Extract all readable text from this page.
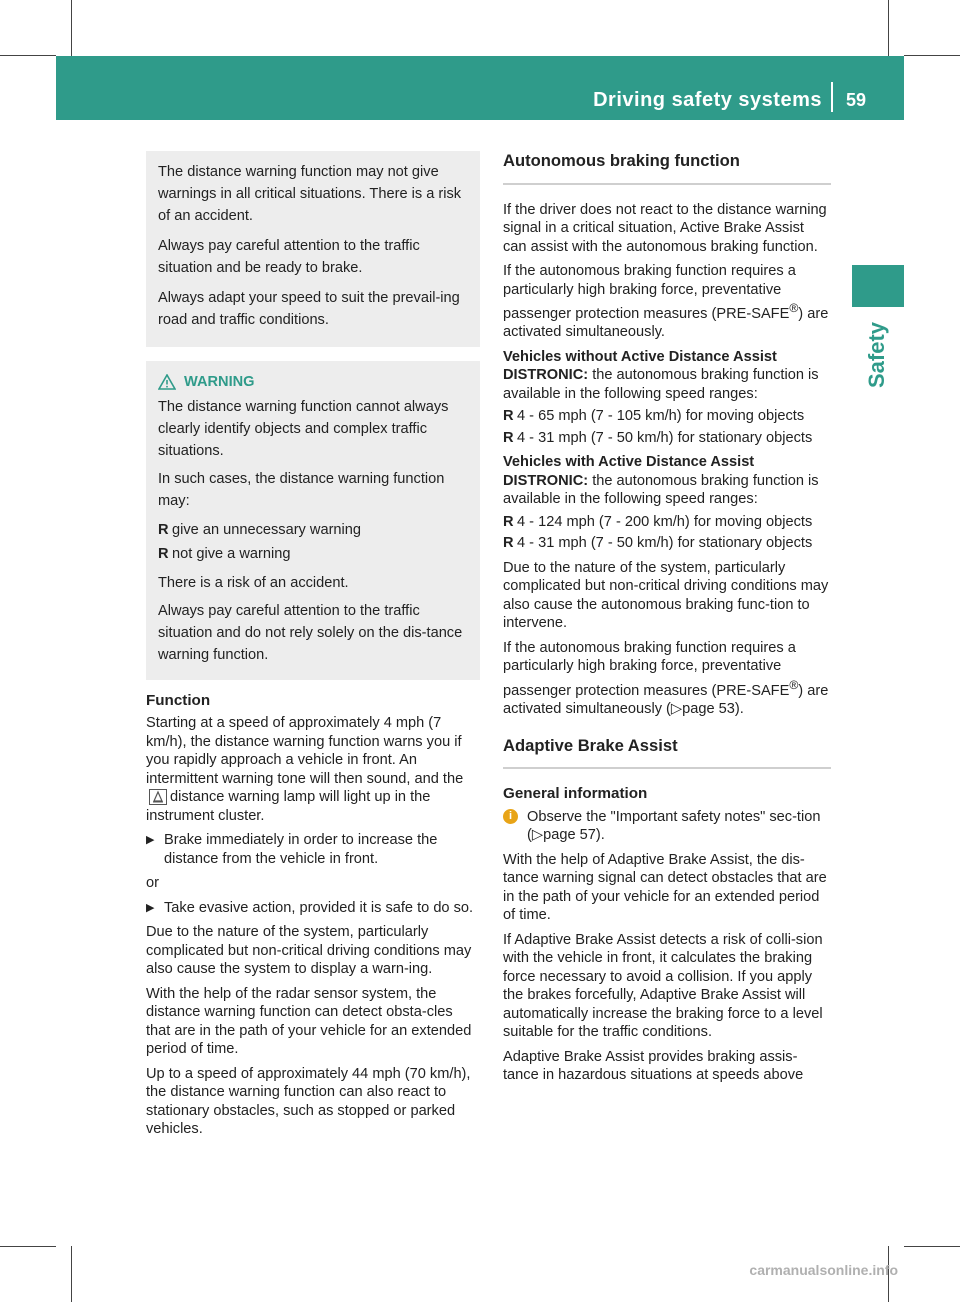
Driving safety systems 59
Safety

The distance warning function may not give warnings in all critical situations. There is a risk of an accident.

Always pay careful attention to the traffic situation and be ready to brake.

Always adapt your speed to suit the prevail-ing road and traffic conditions.

WARNING

The distance warning function cannot always clearly identify objects and complex traffic situations.

In such cases, the distance warning function may:

R give an unnecessary warning
R not give a warning

There is a risk of an accident.

Always pay careful attention to the traffic situation and do not rely solely on the dis-tance warning function.

Function

Starting at a speed of approximately 4 mph (7 km/h), the distance warning function warns you if you rapidly approach a vehicle in front. An intermittent warning tone will then sound, and the
distance warning lamp will light up in the instrument cluster.

▶ Brake immediately in order to increase the distance from the vehicle in front.

or

▶ Take evasive action, provided it is safe to do so.

Due to the nature of the system, particularly complicated but non-critical driving conditions may also cause the system to display a warn-ing.

With the help of the radar sensor system, the distance warning function can detect obsta-cles that are in the path of your vehicle for an extended period of time.

Up to a speed of approximately 44 mph (70 km/h), the distance warning function can also react to stationary obstacles, such as stopped or parked vehicles.

Autonomous braking function

If the driver does not react to the distance warning signal in a critical situation, Active Brake Assist can assist with the autonomous braking function.

If the autonomous braking function requires a particularly high braking force, preventative passenger protection measures (PRE-SAFE®) are activated simultaneously.

Vehicles without Active Distance Assist DISTRONIC: the autonomous braking function is available in the following speed ranges:

R 4 - 65 mph (7 - 105 km/h) for moving objects
R 4 - 31 mph (7 - 50 km/h) for stationary objects

Vehicles with Active Distance Assist DISTRONIC: the autonomous braking function is available in the following speed ranges:

R 4 - 124 mph (7 - 200 km/h) for moving objects
R 4 - 31 mph (7 - 50 km/h) for stationary objects

Due to the nature of the system, particularly complicated but non-critical driving conditions may also cause the autonomous braking func-tion to intervene.

If the autonomous braking function requires a particularly high braking force, preventative passenger protection measures (PRE-SAFE®) are activated simultaneously (▷page 53).

Adaptive Brake Assist
General information
i	Observe the "Important safety notes" sec-tion (▷page 57).

With the help of Adaptive Brake Assist, the dis-tance warning signal can detect obstacles that are in the path of your vehicle for an extended period of time.

If Adaptive Brake Assist detects a risk of colli-sion with the vehicle in front, it calculates the braking force necessary to avoid a collision. If you apply the brakes forcefully, Adaptive Brake Assist will automatically increase the braking force to a level suitable for the traffic conditions.

Adaptive Brake Assist provides braking assis-tance in hazardous situations at speeds above

carmanualsonline.info
